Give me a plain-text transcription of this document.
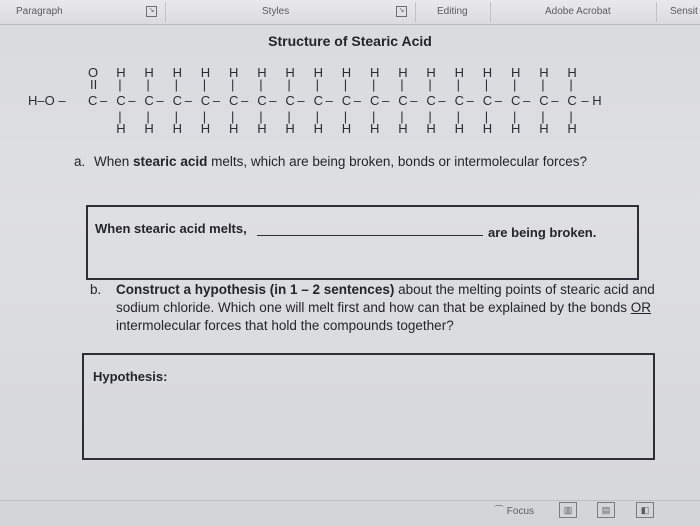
Paragraph	↘	Styles	↘	Editing	Adobe Acrobat	Sensit
Structure of Stearic Acid
H–O – C – C – C – C – C – C – C – C – C – C – C – C – C – C – C – C – C – C – H
O
II
H
|
H
|
H
|
H
|
H
|
H
|
H
|
H
|
H
|
H
|
H
|
H
|
H
|
H
|
H
|
H
|
H
|
|
H
|
H
|
H
|
H
|
H
|
H
|
H
|
H
|
H
|
H
|
H
|
H
|
H
|
H
|
H
|
H
|
H
a. When stearic acid melts, which are being broken, bonds or intermolecular forces?
When stearic acid melts,	are being broken.
b. Construct a hypothesis (in 1 – 2 sentences) about the melting points of stearic acid and sodium chloride. Which one will melt first and how can that be explained by the bonds OR intermolecular forces that hold the compounds together?
Hypothesis:
⌒ Focus	▥	▤	◧
